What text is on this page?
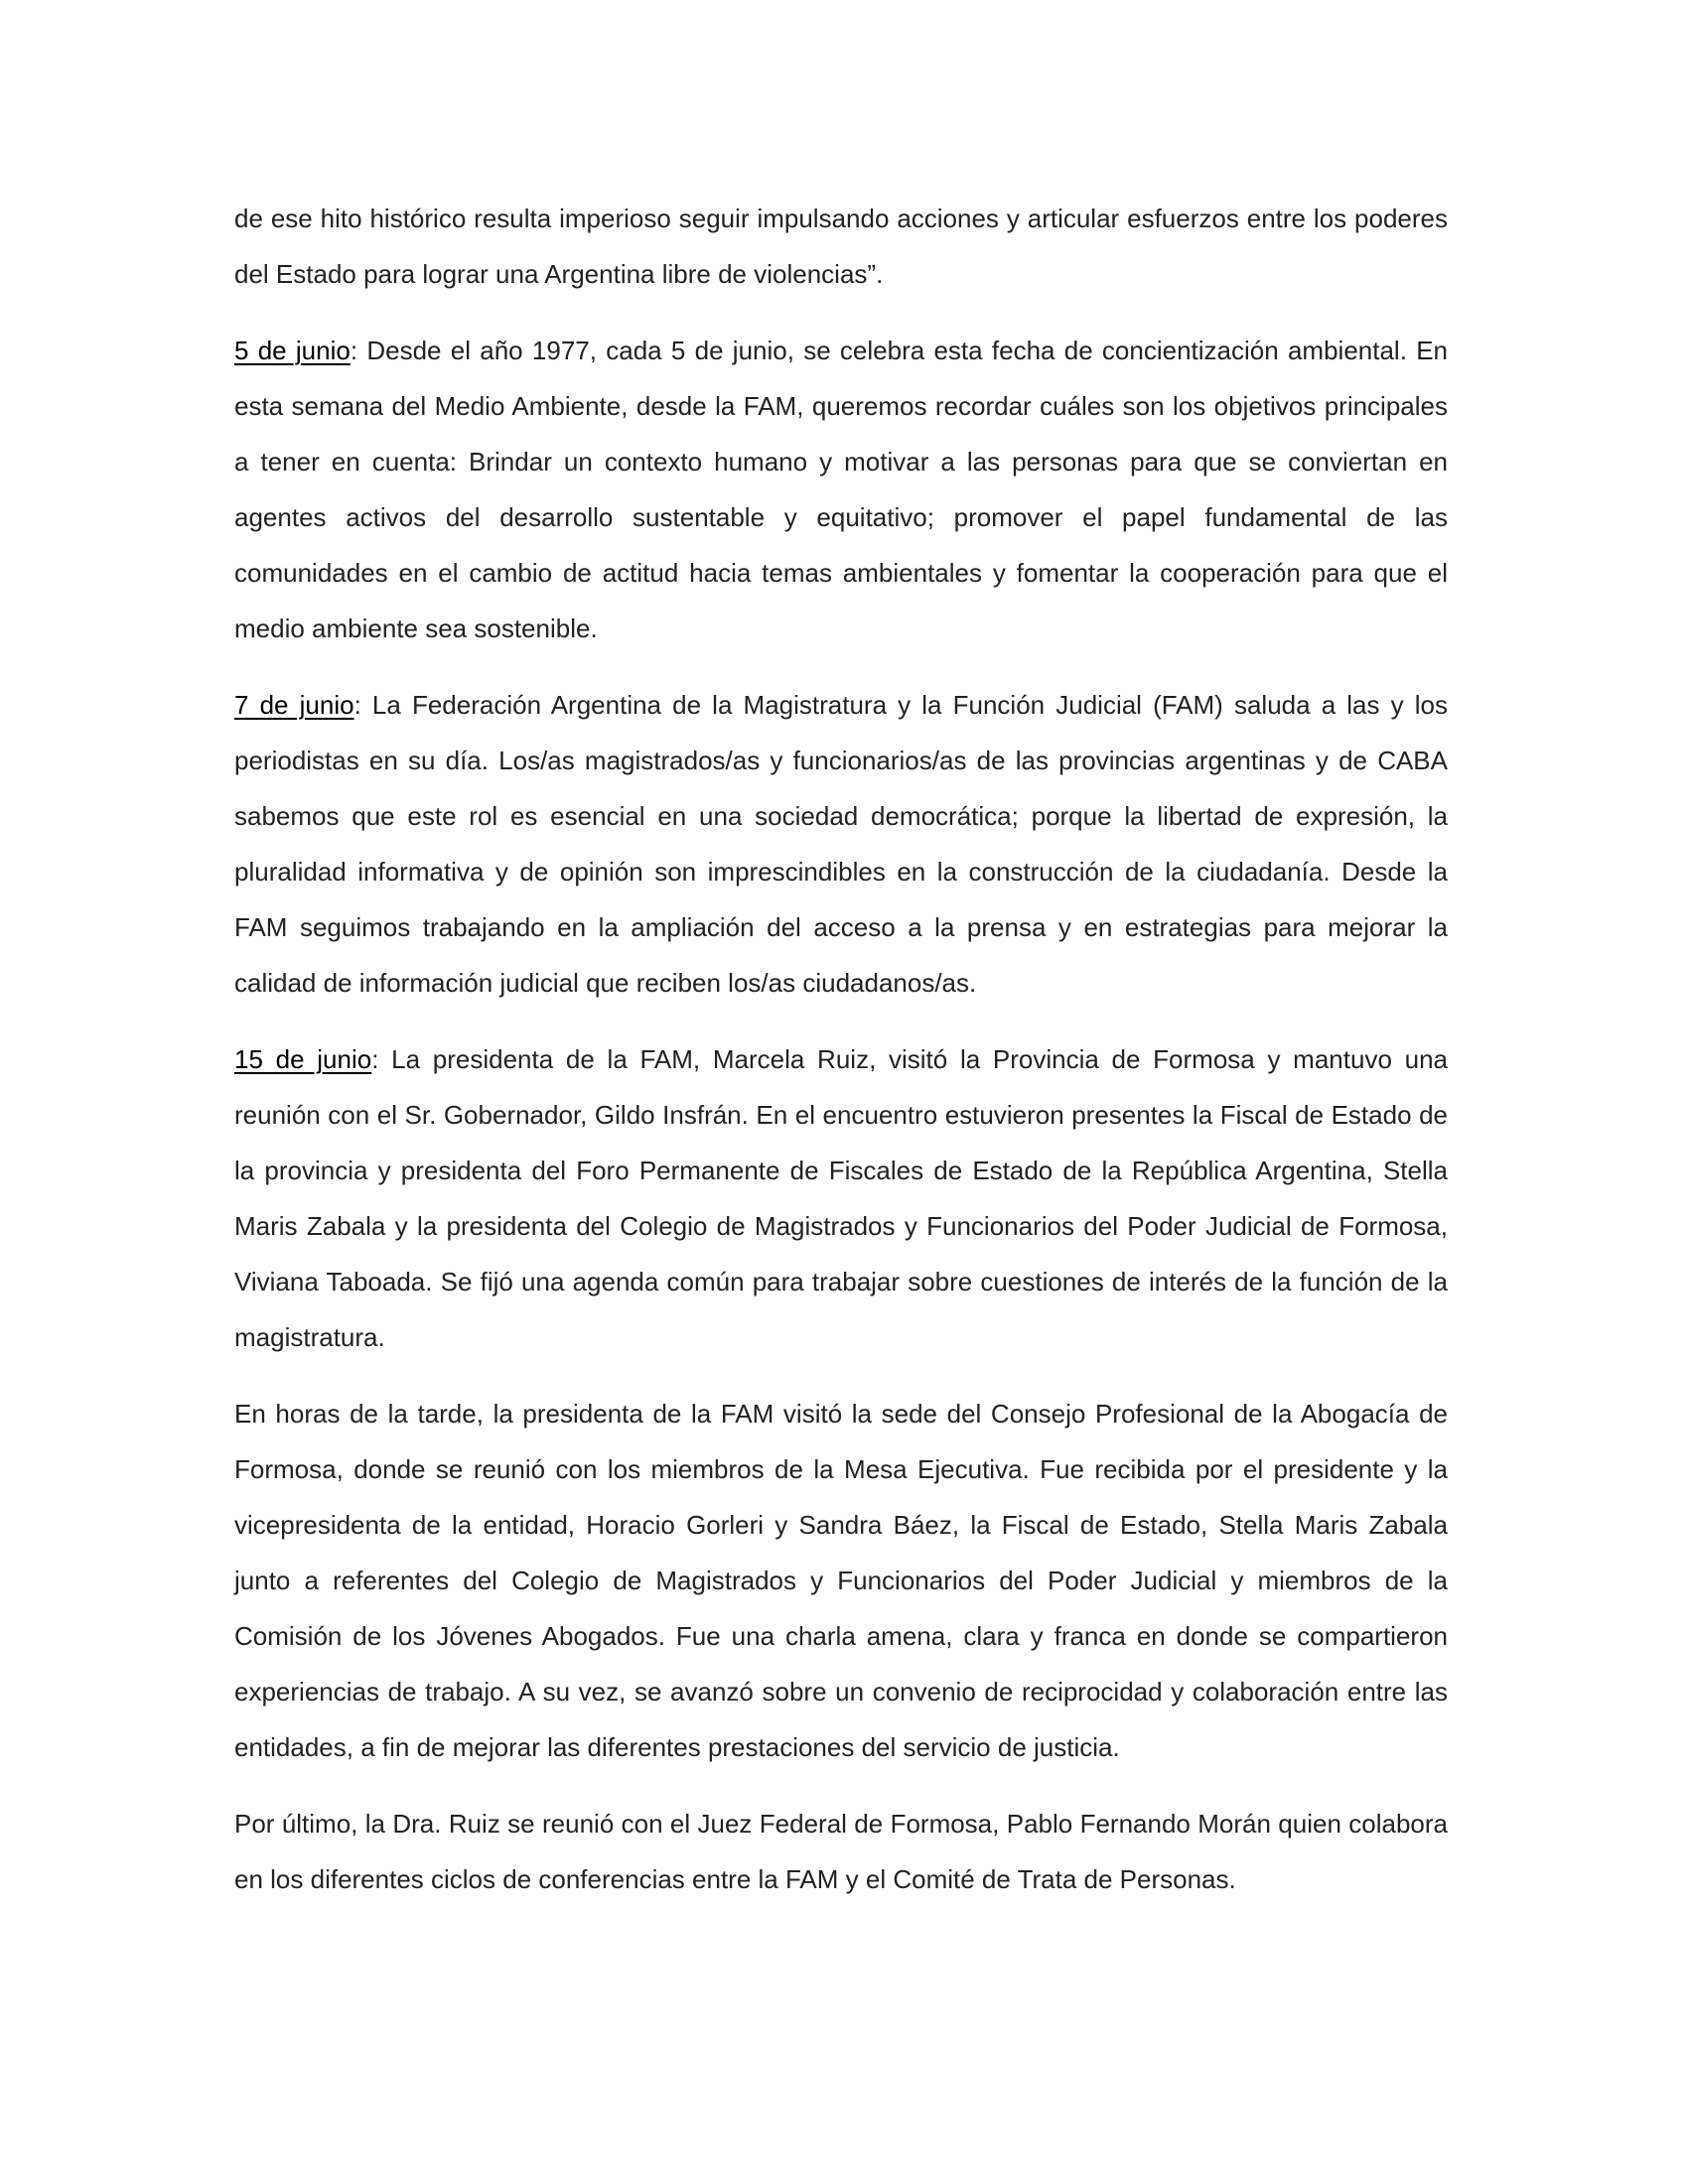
de ese hito histórico resulta imperioso seguir impulsando acciones y articular esfuerzos entre los poderes del Estado para lograr una Argentina libre de violencias”.

5 de junio: Desde el año 1977, cada 5 de junio, se celebra esta fecha de concientización ambiental. En esta semana del Medio Ambiente, desde la FAM, queremos recordar cuáles son los objetivos principales a tener en cuenta: Brindar un contexto humano y motivar a las personas para que se conviertan en agentes activos del desarrollo sustentable y equitativo; promover el papel fundamental de las comunidades en el cambio de actitud hacia temas ambientales y fomentar la cooperación para que el medio ambiente sea sostenible.

7 de junio: La Federación Argentina de la Magistratura y la Función Judicial (FAM) saluda a las y los periodistas en su día. Los/as magistrados/as y funcionarios/as de las provincias argentinas y de CABA sabemos que este rol es esencial en una sociedad democrática; porque la libertad de expresión, la pluralidad informativa y de opinión son imprescindibles en la construcción de la ciudadanía. Desde la FAM seguimos trabajando en la ampliación del acceso a la prensa y en estrategias para mejorar la calidad de información judicial que reciben los/as ciudadanos/as.

15 de junio: La presidenta de la FAM, Marcela Ruiz, visitó la Provincia de Formosa y mantuvo una reunión con el Sr. Gobernador, Gildo Insfrán. En el encuentro estuvieron presentes la Fiscal de Estado de la provincia y presidenta del Foro Permanente de Fiscales de Estado de la República Argentina, Stella Maris Zabala y la presidenta del Colegio de Magistrados y Funcionarios del Poder Judicial de Formosa, Viviana Taboada. Se fijó una agenda común para trabajar sobre cuestiones de interés de la función de la magistratura.

En horas de la tarde, la presidenta de la FAM visitó la sede del Consejo Profesional de la Abogacía de Formosa, donde se reunió con los miembros de la Mesa Ejecutiva. Fue recibida por el presidente y la vicepresidenta de la entidad, Horacio Gorleri y Sandra Báez, la Fiscal de Estado, Stella Maris Zabala junto a referentes del Colegio de Magistrados y Funcionarios del Poder Judicial y miembros de la Comisión de los Jóvenes Abogados. Fue una charla amena, clara y franca en donde se compartieron experiencias de trabajo. A su vez, se avanzó sobre un convenio de reciprocidad y colaboración entre las entidades, a fin de mejorar las diferentes prestaciones del servicio de justicia.

Por último, la Dra. Ruiz se reunió con el Juez Federal de Formosa, Pablo Fernando Morán quien colabora en los diferentes ciclos de conferencias entre la FAM y el Comité de Trata de Personas.
